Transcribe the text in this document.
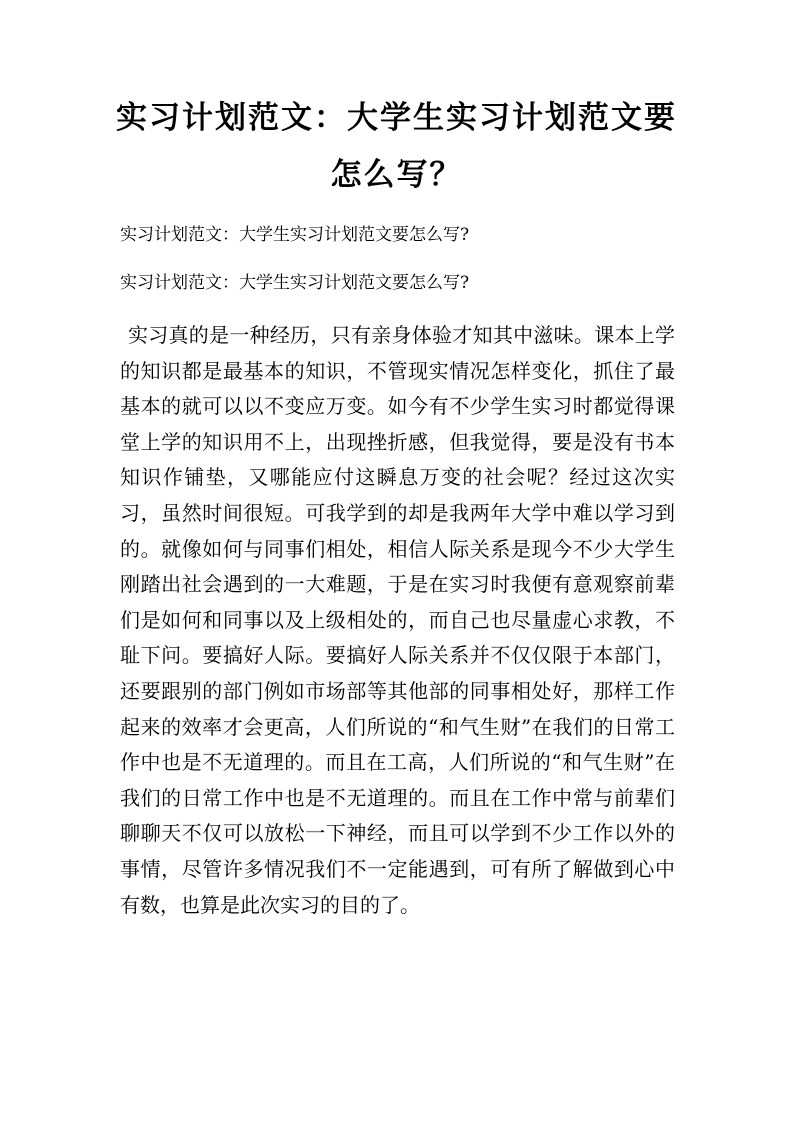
实习计划范文：大学生实习计划范文要怎么写？

实习计划范文：大学生实习计划范文要怎么写?

实习计划范文：大学生实习计划范文要怎么写?

实习真的是一种经历，只有亲身体验才知其中滋味。课本上学的知识都是最基本的知识，不管现实情况怎样变化，抓住了最基本的就可以以不变应万变。如今有不少学生实习时都觉得课堂上学的知识用不上，出现挫折感，但我觉得，要是没有书本知识作铺垫，又哪能应付这瞬息万变的社会呢？经过这次实习，虽然时间很短。可我学到的却是我两年大学中难以学习到的。就像如何与同事们相处，相信人际关系是现今不少大学生刚踏出社会遇到的一大难题，于是在实习时我便有意观察前辈们是如何和同事以及上级相处的，而自己也尽量虚心求教，不耻下问。要搞好人际。要搞好人际关系并不仅仅限于本部门，还要跟别的部门例如市场部等其他部的同事相处好，那样工作起来的效率才会更高，人们所说的“和气生财”在我们的日常工作中也是不无道理的。而且在工高，人们所说的“和气生财”在我们的日常工作中也是不无道理的。而且在工作中常与前辈们聊聊天不仅可以放松一下神经，而且可以学到不少工作以外的事情，尽管许多情况我们不一定能遇到，可有所了解做到心中有数，也算是此次实习的目的了。
